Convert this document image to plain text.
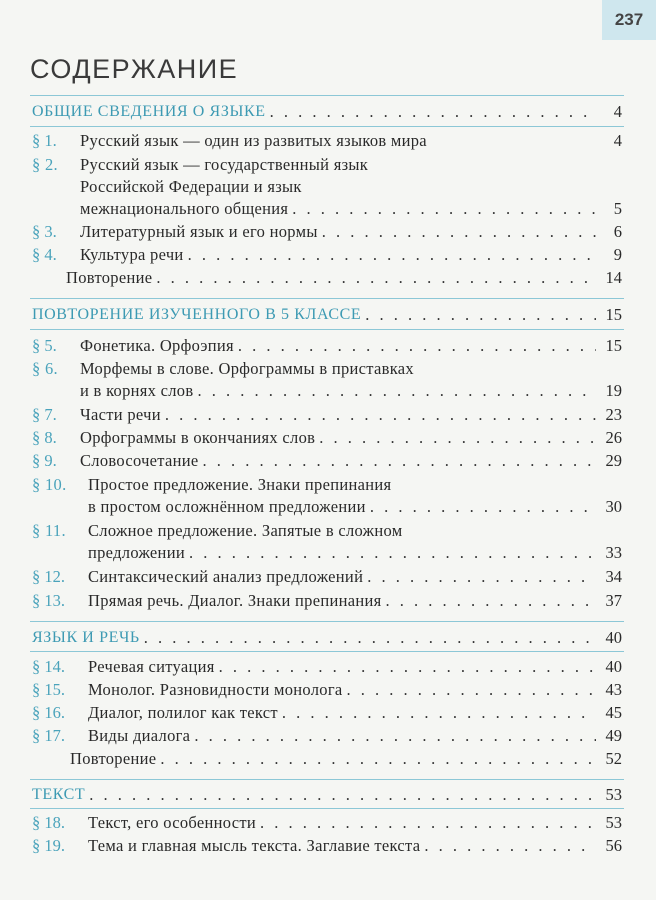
237
СОДЕРЖАНИЕ
ОБЩИЕ СВЕДЕНИЯ О ЯЗЫКЕ . . .	4
§ 1.	Русский язык — один из развитых языков мира	4
§ 2. Русский язык — государственный язык
Российской Федерации и язык
межнационального общения . . .	5
§ 3.	Литературный язык и его нормы . . .	6
§ 4.	Культура речи . . .	9
Повторение . . .	14
ПОВТОРЕНИЕ ИЗУЧЕННОГО В 5 КЛАССЕ . . .	15
§ 5.	Фонетика. Орфоэпия . . .	15
§ 6. Морфемы в слове. Орфограммы в приставках
и в корнях слов . . .	19
§ 7.	Части речи . . .	23
§ 8.	Орфограммы в окончаниях слов . . .	26
§ 9.	Словосочетание . . .	29
§ 10. Простое предложение. Знаки препинания
в простом осложнённом предложении . . .	30
§ 11. Сложное предложение. Запятые в сложном
предложении . . .	33
§ 12.	Синтаксический анализ предложений . . .	34
§ 13.	Прямая речь. Диалог. Знаки препинания . . .	37
ЯЗЫК И РЕЧЬ . . .	40
§ 14.	Речевая ситуация . . .	40
§ 15.	Монолог. Разновидности монолога . . .	43
§ 16.	Диалог, полилог как текст . . .	45
§ 17.	Виды диалога . . .	49
Повторение . . .	52
ТЕКСТ . . .	53
§ 18.	Текст, его особенности . . .	53
§ 19.	Тема и главная мысль текста. Заглавие текста . . .	56
